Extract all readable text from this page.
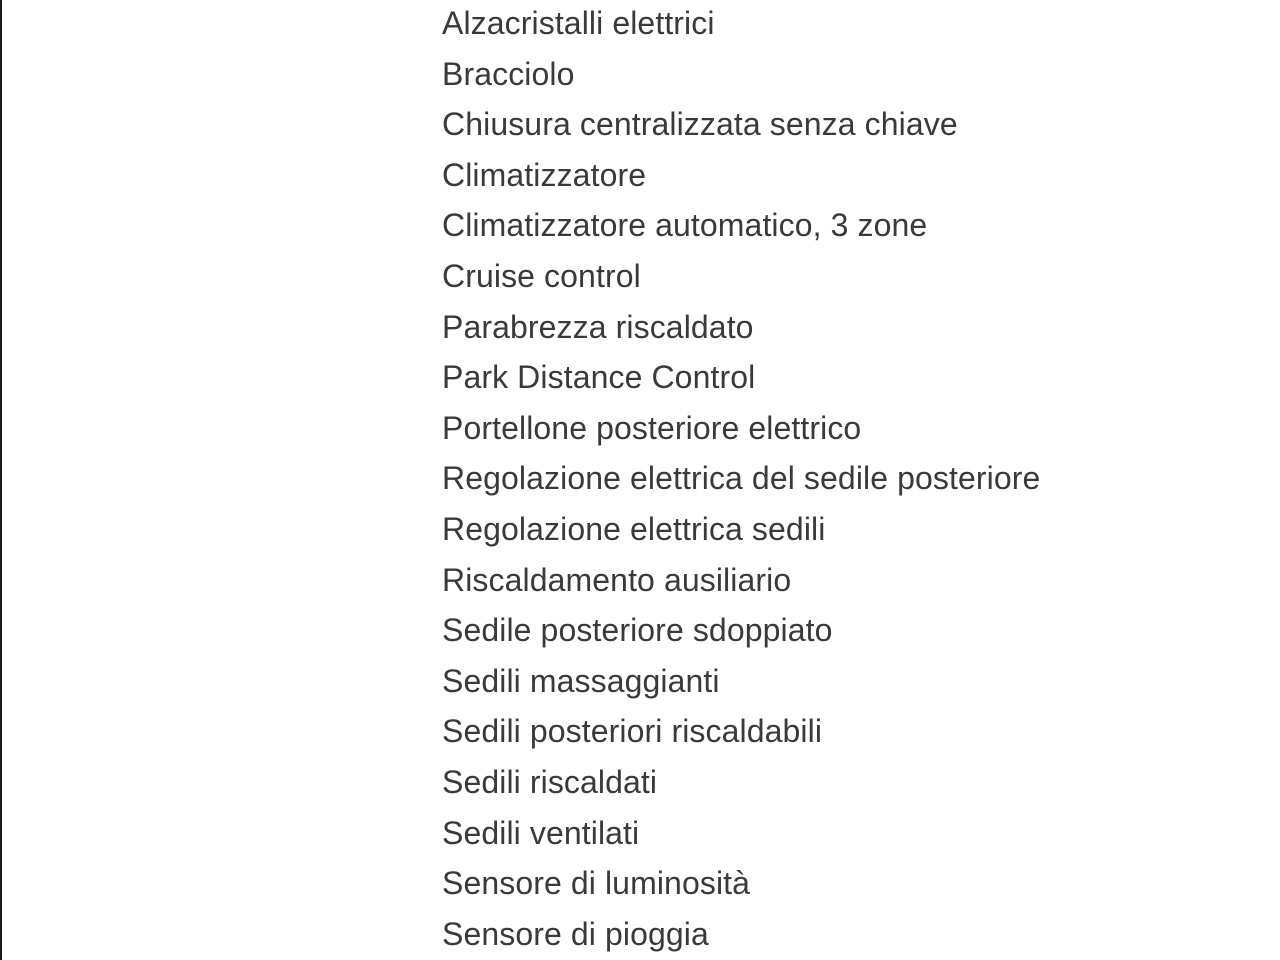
Alzacristalli elettrici
Bracciolo
Chiusura centralizzata senza chiave
Climatizzatore
Climatizzatore automatico, 3 zone
Cruise control
Parabrezza riscaldato
Park Distance Control
Portellone posteriore elettrico
Regolazione elettrica del sedile posteriore
Regolazione elettrica sedili
Riscaldamento ausiliario
Sedile posteriore sdoppiato
Sedili massaggianti
Sedili posteriori riscaldabili
Sedili riscaldati
Sedili ventilati
Sensore di luminosità
Sensore di pioggia
